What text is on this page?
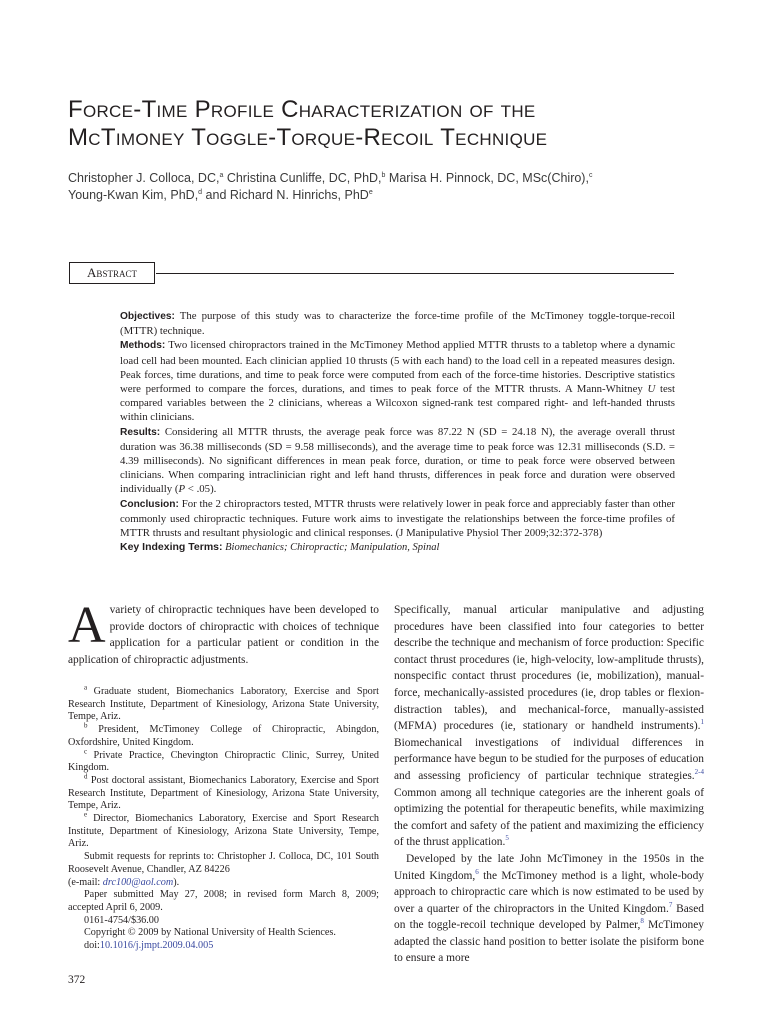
Force-Time Profile Characterization of the
McTimoney Toggle-Torque-Recoil Technique
Christopher J. Colloca, DC,$^a$ Christina Cunliffe, DC, PhD,$^b$ Marisa H. Pinnock, DC, MSc(Chiro),$^c$
Young-Kwan Kim, PhD,$^d$ and Richard N. Hinrichs, PhD$^e$
Abstract

Objectives: The purpose of this study was to characterize the force-time profile of the McTimoney toggle-torque-recoil (MTTR) technique.

Methods: Two licensed chiropractors trained in the McTimoney Method applied MTTR thrusts to a tabletop where a dynamic load cell had been mounted. Each clinician applied 10 thrusts (5 with each hand) to the load cell in a repeated measures design. Peak forces, time durations, and time to peak force were computed from each of the force-time histories. Descriptive statistics were performed to compare the forces, durations, and times to peak force of the MTTR thrusts. A Mann-Whitney U test compared variables between the 2 clinicians, whereas a Wilcoxon signed-rank test compared right- and left-handed thrusts within clinicians.

Results: Considering all MTTR thrusts, the average peak force was 87.22 N (SD = 24.18 N), the average overall thrust duration was 36.38 milliseconds (SD = 9.58 milliseconds), and the average time to peak force was 12.31 milliseconds (S.D. = 4.39 milliseconds). No significant differences in mean peak force, duration, or time to peak force were observed between clinicians. When comparing intraclinician right and left hand thrusts, differences in peak force and duration were observed individually (P < .05).

Conclusion: For the 2 chiropractors tested, MTTR thrusts were relatively lower in peak force and appreciably faster than other commonly used chiropractic techniques. Future work aims to investigate the relationships between the force-time profiles of MTTR thrusts and resultant physiologic and clinical responses. (J Manipulative Physiol Ther 2009;32:372-378)

Key Indexing Terms: Biomechanics; Chiropractic; Manipulation, Spinal

A variety of chiropractic techniques have been developed to provide doctors of chiropractic with choices of technique application for a particular patient or condition in the application of chiropractic adjustments.

$^a$ Graduate student, Biomechanics Laboratory, Exercise and Sport Research Institute, Department of Kinesiology, Arizona State University, Tempe, Ariz.

$^b$ President, McTimoney College of Chiropractic, Abingdon, Oxfordshire, United Kingdom.

$^c$ Private Practice, Chevington Chiropractic Clinic, Surrey, United Kingdom.

$^d$ Post doctoral assistant, Biomechanics Laboratory, Exercise and Sport Research Institute, Department of Kinesiology, Arizona State University, Tempe, Ariz.

$^e$ Director, Biomechanics Laboratory, Exercise and Sport Research Institute, Department of Kinesiology, Arizona State University, Tempe, Ariz.

Submit requests for reprints to: Christopher J. Colloca, DC, 101 South Roosevelt Avenue, Chandler, AZ 84226

(e-mail: drc100@aol.com).

Paper submitted May 27, 2008; in revised form March 8, 2009; accepted April 6, 2009.

0161-4754/$36.00

Copyright © 2009 by National University of Health Sciences.

doi:10.1016/j.jmpt.2009.04.005

Specifically, manual articular manipulative and adjusting procedures have been classified into four categories to better describe the technique and mechanism of force production: Specific contact thrust procedures (ie, high-velocity, low-amplitude thrusts), nonspecific contact thrust procedures (ie, mobilization), manual-force, mechanically-assisted procedures (ie, drop tables or flexion-distraction tables), and mechanical-force, manually-assisted (MFMA) procedures (ie, stationary or handheld instruments).$^1$ Biomechanical investigations of individual differences in performance have begun to be studied for the purposes of education and assessing proficiency of particular technique strategies.$^{2-4}$ Common among all technique categories are the inherent goals of optimizing the potential for therapeutic benefits, while maximizing the comfort and safety of the patient and maximizing the efficiency of the thrust application.$^5$

Developed by the late John McTimoney in the 1950s in the United Kingdom,$^6$ the McTimoney method is a light, whole-body approach to chiropractic care which is now estimated to be used by over a quarter of the chiropractors in the United Kingdom.$^7$ Based on the toggle-recoil technique developed by Palmer,$^8$ McTimoney adapted the classic hand position to better isolate the pisiform bone to ensure a more

372
